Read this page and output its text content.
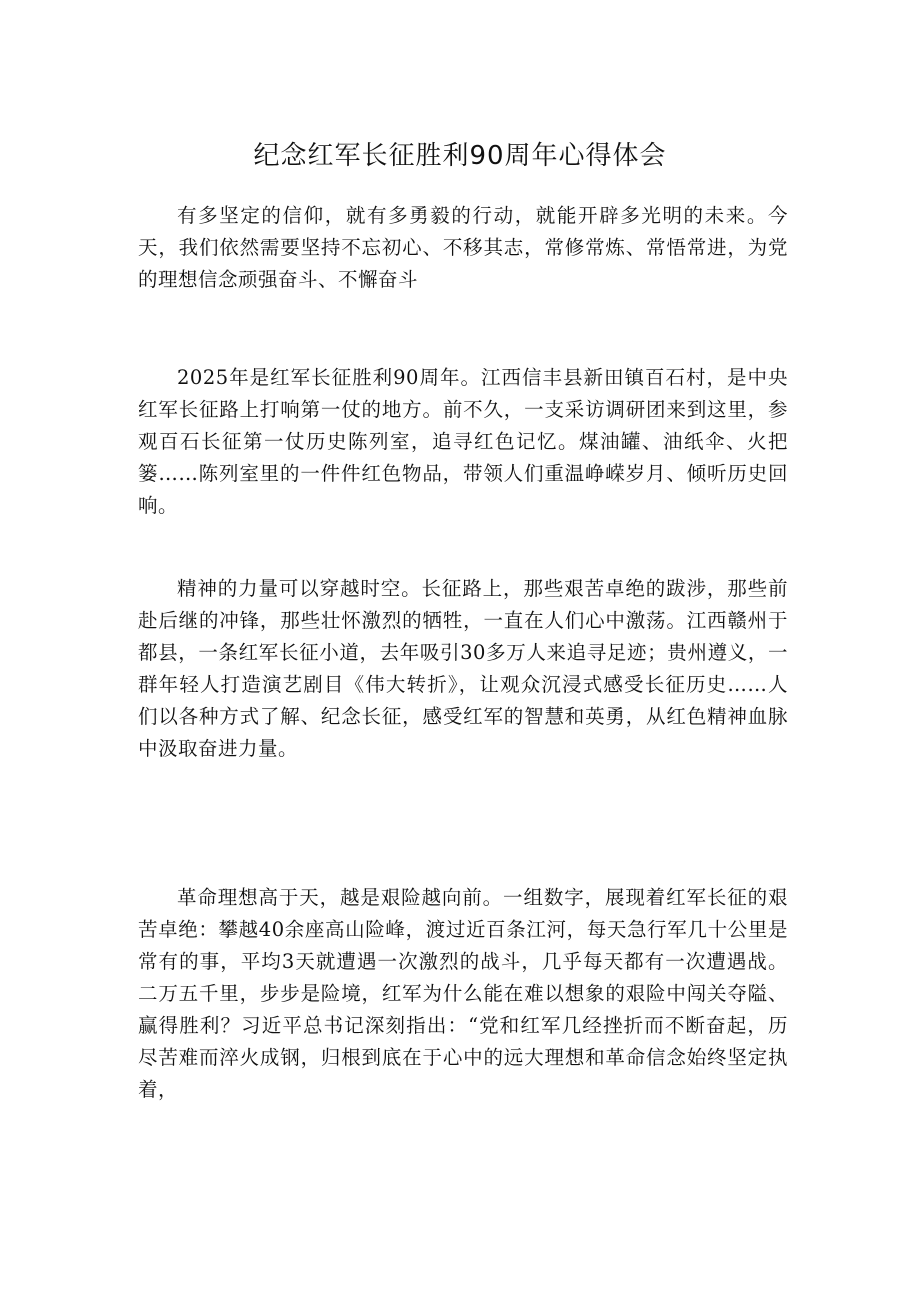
纪念红军长征胜利90周年心得体会

有多坚定的信仰，就有多勇毅的行动，就能开辟多光明的未来。今天，我们依然需要坚持不忘初心、不移其志，常修常炼、常悟常进，为党的理想信念顽强奋斗、不懈奋斗

2025年是红军长征胜利90周年。江西信丰县新田镇百石村，是中央红军长征路上打响第一仗的地方。前不久，一支采访调研团来到这里，参观百石长征第一仗历史陈列室，追寻红色记忆。煤油罐、油纸伞、火把篓……陈列室里的一件件红色物品，带领人们重温峥嵘岁月、倾听历史回响。

精神的力量可以穿越时空。长征路上，那些艰苦卓绝的跋涉，那些前赴后继的冲锋，那些壮怀激烈的牺牲，一直在人们心中激荡。江西赣州于都县，一条红军长征小道，去年吸引30多万人来追寻足迹；贵州遵义，一群年轻人打造演艺剧目《伟大转折》，让观众沉浸式感受长征历史……人们以各种方式了解、纪念长征，感受红军的智慧和英勇，从红色精神血脉中汲取奋进力量。

革命理想高于天，越是艰险越向前。一组数字，展现着红军长征的艰苦卓绝：攀越40余座高山险峰，渡过近百条江河，每天急行军几十公里是常有的事，平均3天就遭遇一次激烈的战斗，几乎每天都有一次遭遇战。二万五千里，步步是险境，红军为什么能在难以想象的艰险中闯关夺隘、赢得胜利？习近平总书记深刻指出：“党和红军几经挫折而不断奋起，历尽苦难而淬火成钢，归根到底在于心中的远大理想和革命信念始终坚定执着，
